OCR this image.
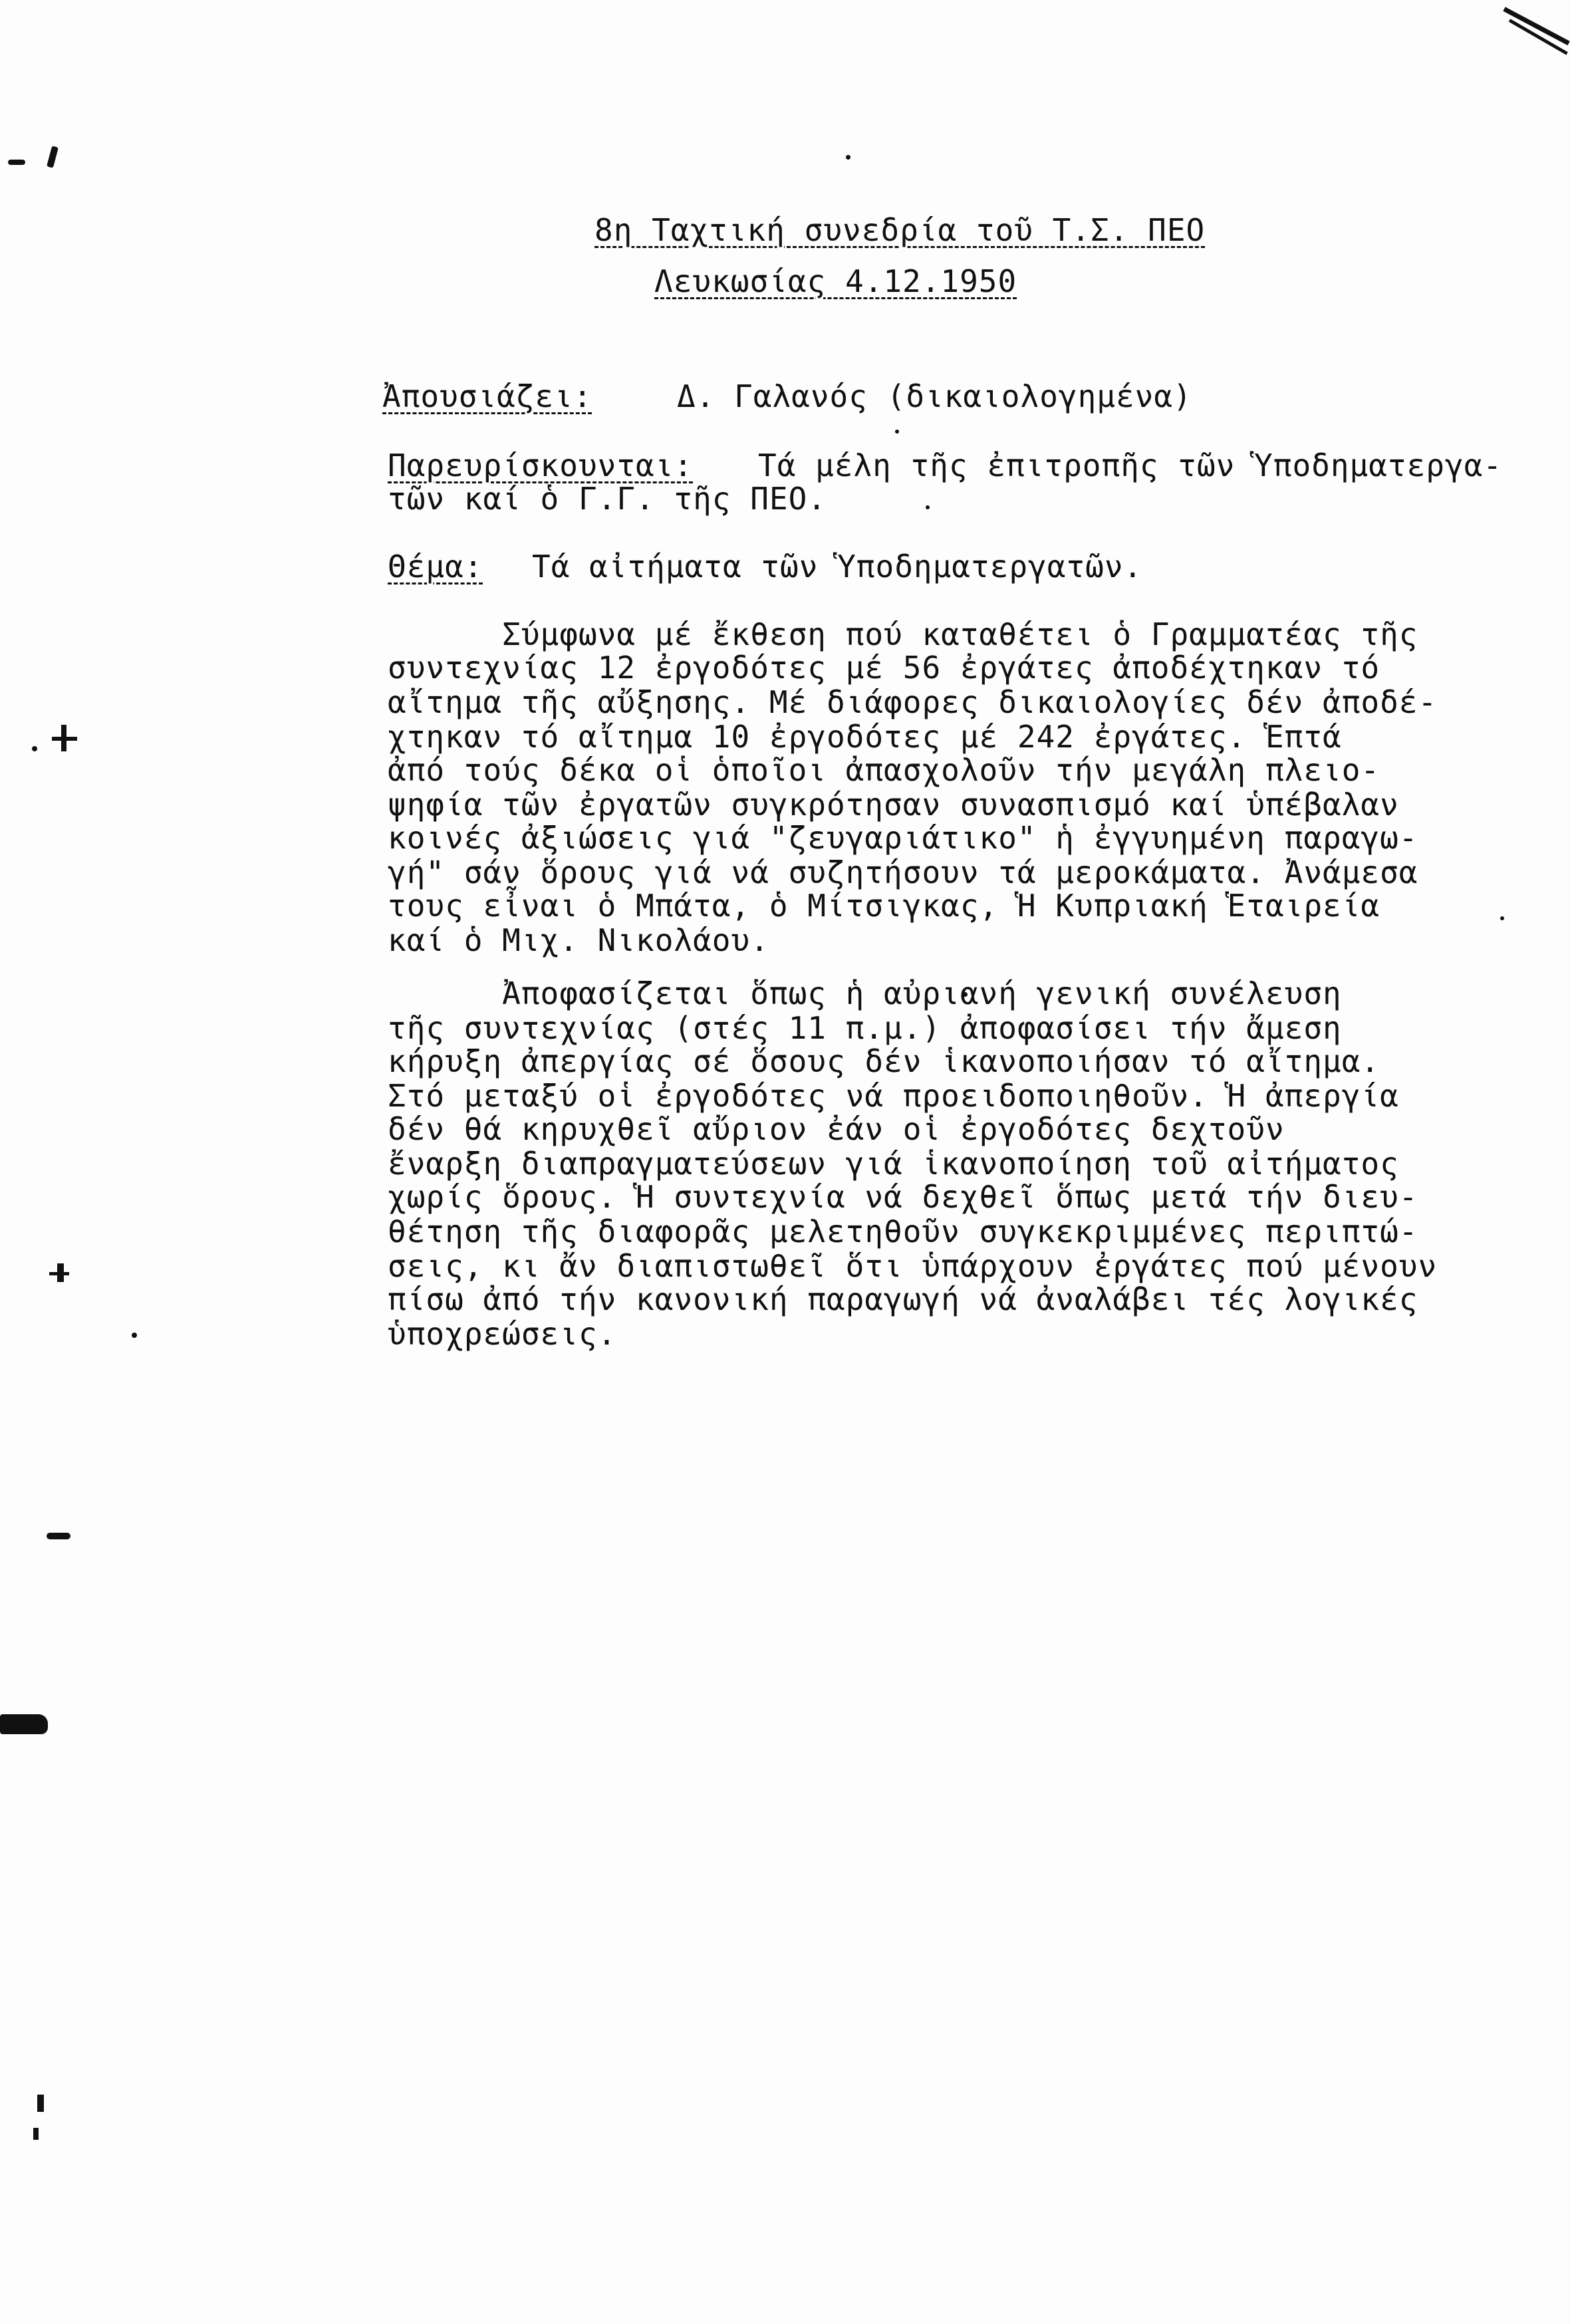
8η Ταχτική συνεδρία τοῦ Τ.Σ. ΠΕΟ
Λευκωσίας 4.12.1950
Ἀπουσιάζει:	Δ. Γαλανός (δικαιολογημένα)
Παρευρίσκουνται: Τά μέλη τῆς ἐπιτροπῆς τῶν Ὑποδηματεργα-
τῶν καί ὁ Γ.Γ. τῆς ΠΕΟ.
Θέμα: Τά αἰτήματα τῶν Ὑποδηματεργατῶν.
Σύμφωνα μέ ἔκθεση πού καταθέτει ὁ Γραμματέας τῆς
συντεχνίας 12 ἐργοδότες μέ 56 ἐργάτες ἀποδέχτηκαν τό
αἴτημα τῆς αὔξησης. Μέ διάφορες δικαιολογίες δέν ἀποδέ-
χτηκαν τό αἴτημα 10 ἐργοδότες μέ 242 ἐργάτες. Ἑπτά
ἀπό τούς δέκα οἱ ὁποῖοι ἀπασχολοῦν τήν μεγάλη πλειο-
ψηφία τῶν ἐργατῶν συγκρότησαν συνασπισμό καί ὑπέβαλαν
κοινές ἀξιώσεις γιά "ζευγαριάτικο" ἡ ἐγγυημένη παραγω-
γή" σάν ὅρους γιά νά συζητήσουν τά μεροκάματα. Ἀνάμεσα
τους εἶναι ὁ Μπάτα, ὁ Μίτσιγκας, Ἡ Κυπριακή Ἑταιρεία
καί ὁ Μιχ. Νικολάου.
Ἀποφασίζεται ὅπως ἡ αὐριανή γενική συνέλευση
τῆς συντεχνίας (στές 11 π.μ.) ἀποφασίσει τήν ἄμεση
κήρυξη ἀπεργίας σέ ὅσους δέν ἱκανοποιήσαν τό αἴτημα.
Στό μεταξύ οἱ ἐργοδότες νά προειδοποιηθοῦν. Ἡ ἀπεργία
δέν θά κηρυχθεῖ αὔριον ἐάν οἱ ἐργοδότες δεχτοῦν
ἔναρξη διαπραγματεύσεων γιά ἱκανοποίηση τοῦ αἰτήματος
χωρίς ὅρους. Ἡ συντεχνία νά δεχθεῖ ὅπως μετά τήν διευ-
θέτηση τῆς διαφορᾶς μελετηθοῦν συγκεκριμμένες περιπτώ-
σεις, κι ἄν διαπιστωθεῖ ὅτι ὑπάρχουν ἐργάτες πού μένουν
πίσω ἀπό τήν κανονική παραγωγή νά ἀναλάβει τές λογικές
ὑποχρεώσεις.
